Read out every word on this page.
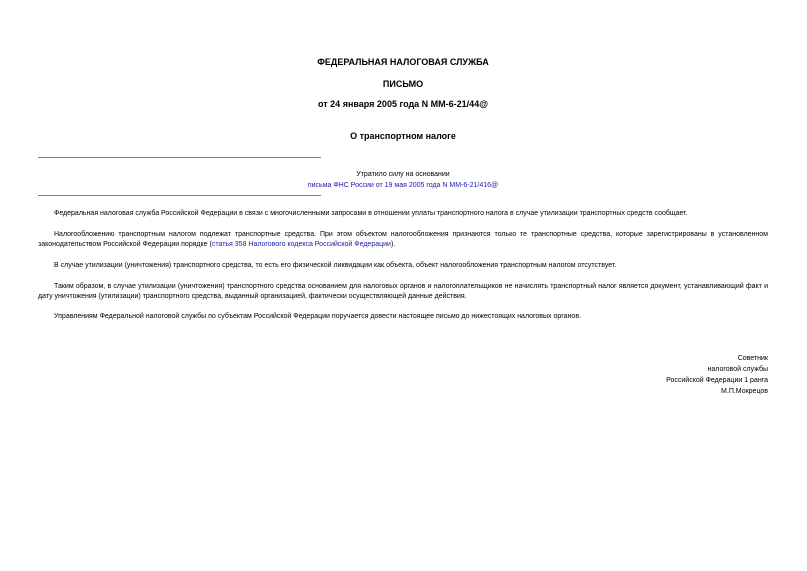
ФЕДЕРАЛЬНАЯ НАЛОГОВАЯ СЛУЖБА
ПИСЬМО
от 24 января 2005 года N ММ-6-21/44@
О транспортном налоге
Утратило силу на основании
письма ФНС России от 19 мая 2005 года N ММ-6-21/416@

Федеральная налоговая служба Российской Федерации в связи с многочисленными запросами в отношении уплаты транспортного налога в случае утилизации транспортных средств сообщает.

Налогообложению транспортным налогом подлежат транспортные средства. При этом объектом налогообложения признаются только те транспортные средства, которые зарегистрированы в установленном законодательством Российской Федерации порядке (статья 358 Налогового кодекса Российской Федерации).

В случае утилизации (уничтожения) транспортного средства, то есть его физической ликвидации как объекта, объект налогообложения транспортным налогом отсутствует.

Таким образом, в случае утилизации (уничтожения) транспортного средства основанием для налоговых органов и налогоплательщиков не начислять транспортный налог является документ, устанавливающий факт и дату уничтожения (утилизации) транспортного средства, выданный организацией, фактически осуществляющей данные действия.

Управлениям Федеральной налоговой службы по субъектам Российской Федерации поручается довести настоящее письмо до нижестоящих налоговых органов.

Советник
налоговой службы
Российской Федерации 1 ранга
М.П.Мокрецов
